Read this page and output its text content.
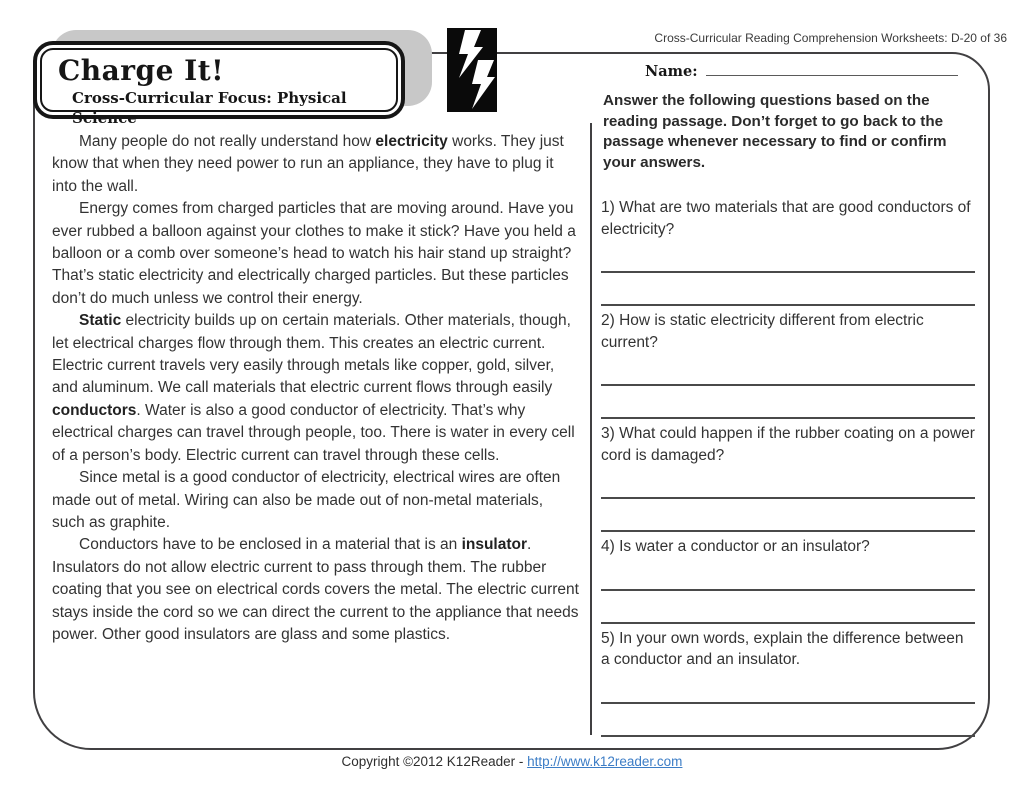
Charge It!
Cross-Curricular Focus: Physical Science
Cross-Curricular Reading Comprehension Worksheets: D-20 of 36

Many people do not really understand how electricity works. They just know that when they need power to run an appliance, they have to plug it into the wall.

Energy comes from charged particles that are moving around. Have you ever rubbed a balloon against your clothes to make it stick? Have you held a balloon or a comb over someone’s head to watch his hair stand up straight? That’s static electricity and electrically charged particles. But these particles don’t do much unless we control their energy.

Static electricity builds up on certain materials. Other materials, though, let electrical charges flow through them. This creates an electric current. Electric current travels very easily through metals like copper, gold, silver, and aluminum. We call materials that electric current flows through easily conductors. Water is also a good conductor of electricity. That’s why electrical charges can travel through people, too. There is water in every cell of a person’s body. Electric current can travel through these cells.

Since metal is a good conductor of electricity, electrical wires are often made out of metal. Wiring can also be made out of non-metal materials, such as graphite.

Conductors have to be enclosed in a material that is an insulator. Insulators do not allow electric current to pass through them. The rubber coating that you see on electrical cords covers the metal. The electric current stays inside the cord so we can direct the current to the appliance that needs power. Other good insulators are glass and some plastics.

Name:
Answer the following questions based on the reading passage. Don’t forget to go back to the passage whenever necessary to find or confirm your answers.
1) What are two materials that are good conductors of electricity?
2) How is static electricity different from electric current?
3) What could happen if the rubber coating on a power cord is damaged?
4) Is water a conductor or an insulator?
5) In your own words, explain the difference between a conductor and an insulator.
Copyright ©2012 K12Reader - http://www.k12reader.com
